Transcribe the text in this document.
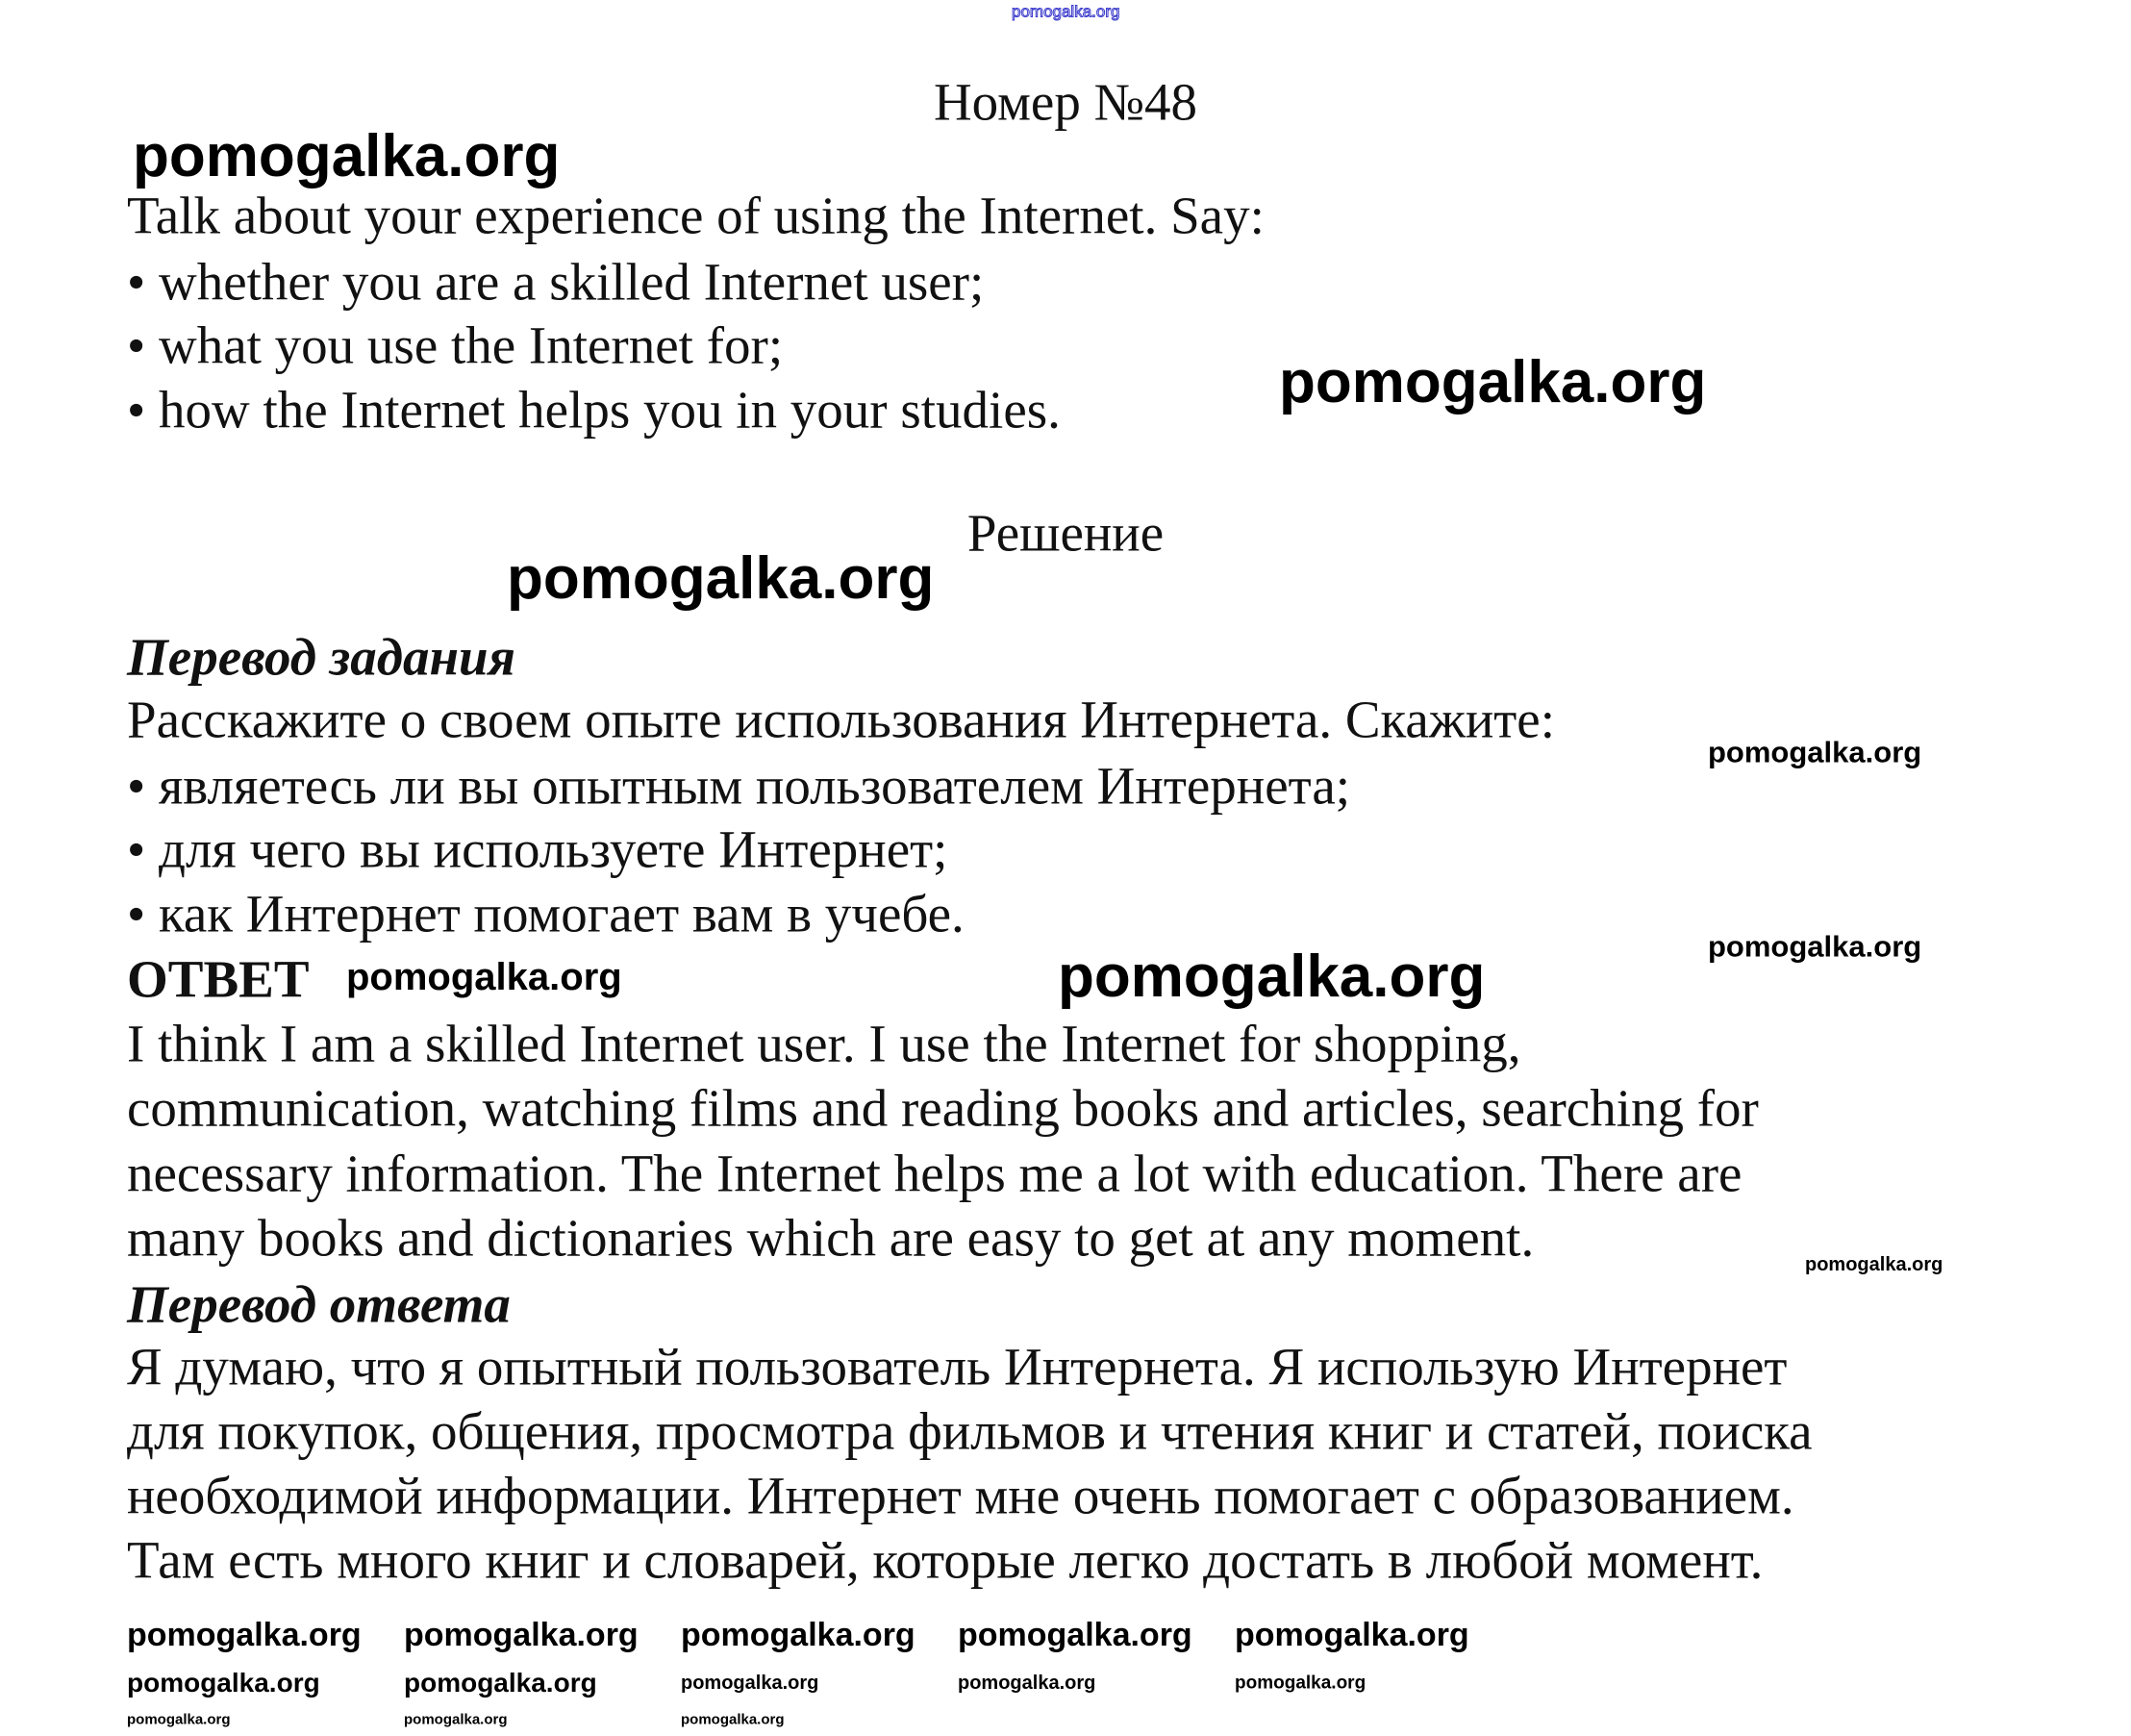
Номер №48
Talk about your experience of using the Internet. Say:
• whether you are a skilled Internet user;
• what you use the Internet for;
• how the Internet helps you in your studies.
Решение
Перевод задания
Расскажите о своем опыте использования Интернета. Скажите:
• являетесь ли вы опытным пользователем Интернета;
• для чего вы используете Интернет;
• как Интернет помогает вам в учебе.
ОТВЕТ
I think I am a skilled Internet user. I use the Internet for shopping,
communication, watching films and reading books and articles, searching for
necessary information. The Internet helps me a lot with education. There are
many books and dictionaries which are easy to get at any moment.
Перевод ответа
Я думаю, что я опытный пользователь Интернета. Я использую Интернет
для покупок, общения, просмотра фильмов и чтения книг и статей, поиска
необходимой информации. Интернет мне очень помогает с образованием.
Там есть много книг и словарей, которые легко достать в любой момент.
pomogalka.org
pomogalka.org
pomogalka.org
pomogalka.org
pomogalka.org
pomogalka.org
pomogalka.org	pomogalka.org
pomogalka.org
pomogalka.org pomogalka.org pomogalka.org pomogalka.org pomogalka.org
pomogalka.org	pomogalka.org	pomogalka.org	pomogalka.org	pomogalka.org
pomogalka.org	pomogalka.org	pomogalka.org
